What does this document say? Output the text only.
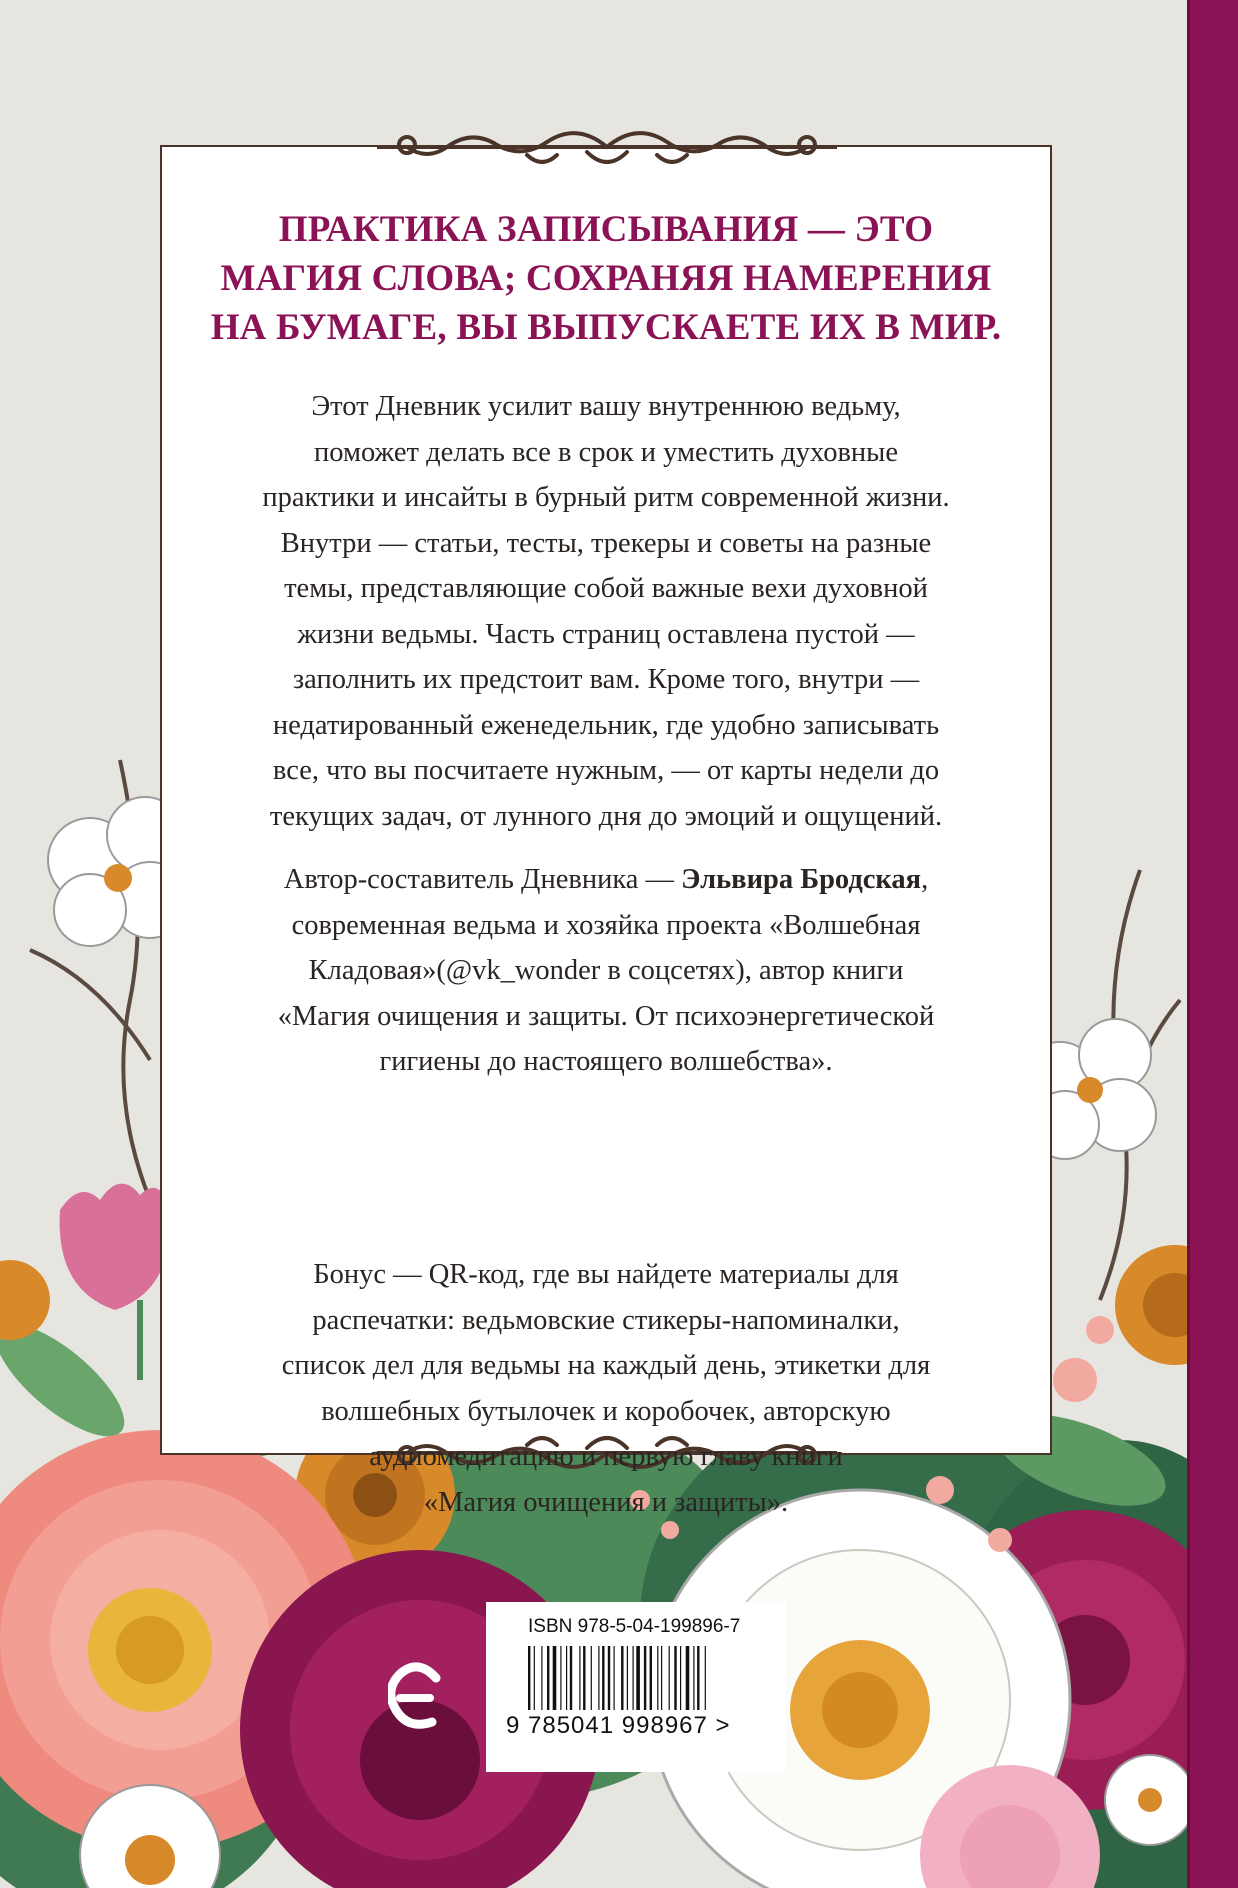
ПРАКТИКА ЗАПИСЫВАНИЯ — ЭТО
МАГИЯ СЛОВА; СОХРАНЯЯ НАМЕРЕНИЯ
НА БУМАГЕ, ВЫ ВЫПУСКАЕТЕ ИХ В МИР.
Этот Дневник усилит вашу внутреннюю ведьму,
поможет делать все в срок и уместить духовные
практики и инсайты в бурный ритм современной жизни.
Внутри — статьи, тесты, трекеры и советы на разные
темы, представляющие собой важные вехи духовной
жизни ведьмы. Часть страниц оставлена пустой —
заполнить их предстоит вам. Кроме того, внутри —
недатированный еженедельник, где удобно записывать
все, что вы посчитаете нужным, — от карты недели до
текущих задач, от лунного дня до эмоций и ощущений.
Автор-составитель Дневника — Эльвира Бродская,
современная ведьма и хозяйка проекта «Волшебная
Кладовая»(@vk_wonder в соцсетях), автор книги
«Магия очищения и защиты. От психоэнергетической
гигиены до настоящего волшебства».
Бонус — QR-код, где вы найдете материалы для
распечатки: ведьмовские стикеры-напоминалки,
список дел для ведьмы на каждый день, этикетки для
волшебных бутылочек и коробочек, авторскую
аудиомедитацию и первую главу книги
«Магия очищения и защиты».
ISBN 978-5-04-199896-7
9 785041 998967 >
